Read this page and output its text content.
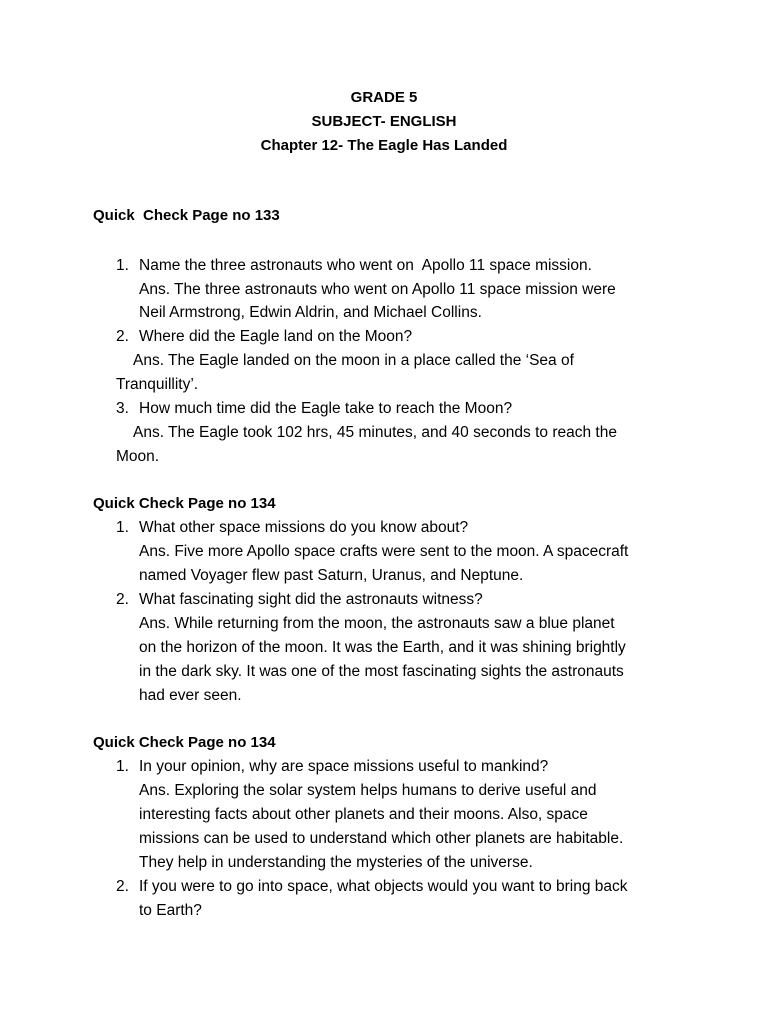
GRADE 5

SUBJECT- ENGLISH

Chapter 12- The Eagle Has Landed

Quick  Check Page no 133

1. Name the three astronauts who went on  Apollo 11 space mission.

Ans. The three astronauts who went on Apollo 11 space mission were

Neil Armstrong, Edwin Aldrin, and Michael Collins.

2. Where did the Eagle land on the Moon?

Ans. The Eagle landed on the moon in a place called the ‘Sea of

Tranquillity’.

3. How much time did the Eagle take to reach the Moon?

Ans. The Eagle took 102 hrs, 45 minutes, and 40 seconds to reach the

Moon.

Quick Check Page no 134

1. What other space missions do you know about?

Ans. Five more Apollo space crafts were sent to the moon. A spacecraft

named Voyager flew past Saturn, Uranus, and Neptune.

2. What fascinating sight did the astronauts witness?

Ans. While returning from the moon, the astronauts saw a blue planet

on the horizon of the moon. It was the Earth, and it was shining brightly

in the dark sky. It was one of the most fascinating sights the astronauts

had ever seen.

Quick Check Page no 134

1. In your opinion, why are space missions useful to mankind?

Ans. Exploring the solar system helps humans to derive useful and

interesting facts about other planets and their moons. Also, space

missions can be used to understand which other planets are habitable.

They help in understanding the mysteries of the universe.

2. If you were to go into space, what objects would you want to bring back

to Earth?
